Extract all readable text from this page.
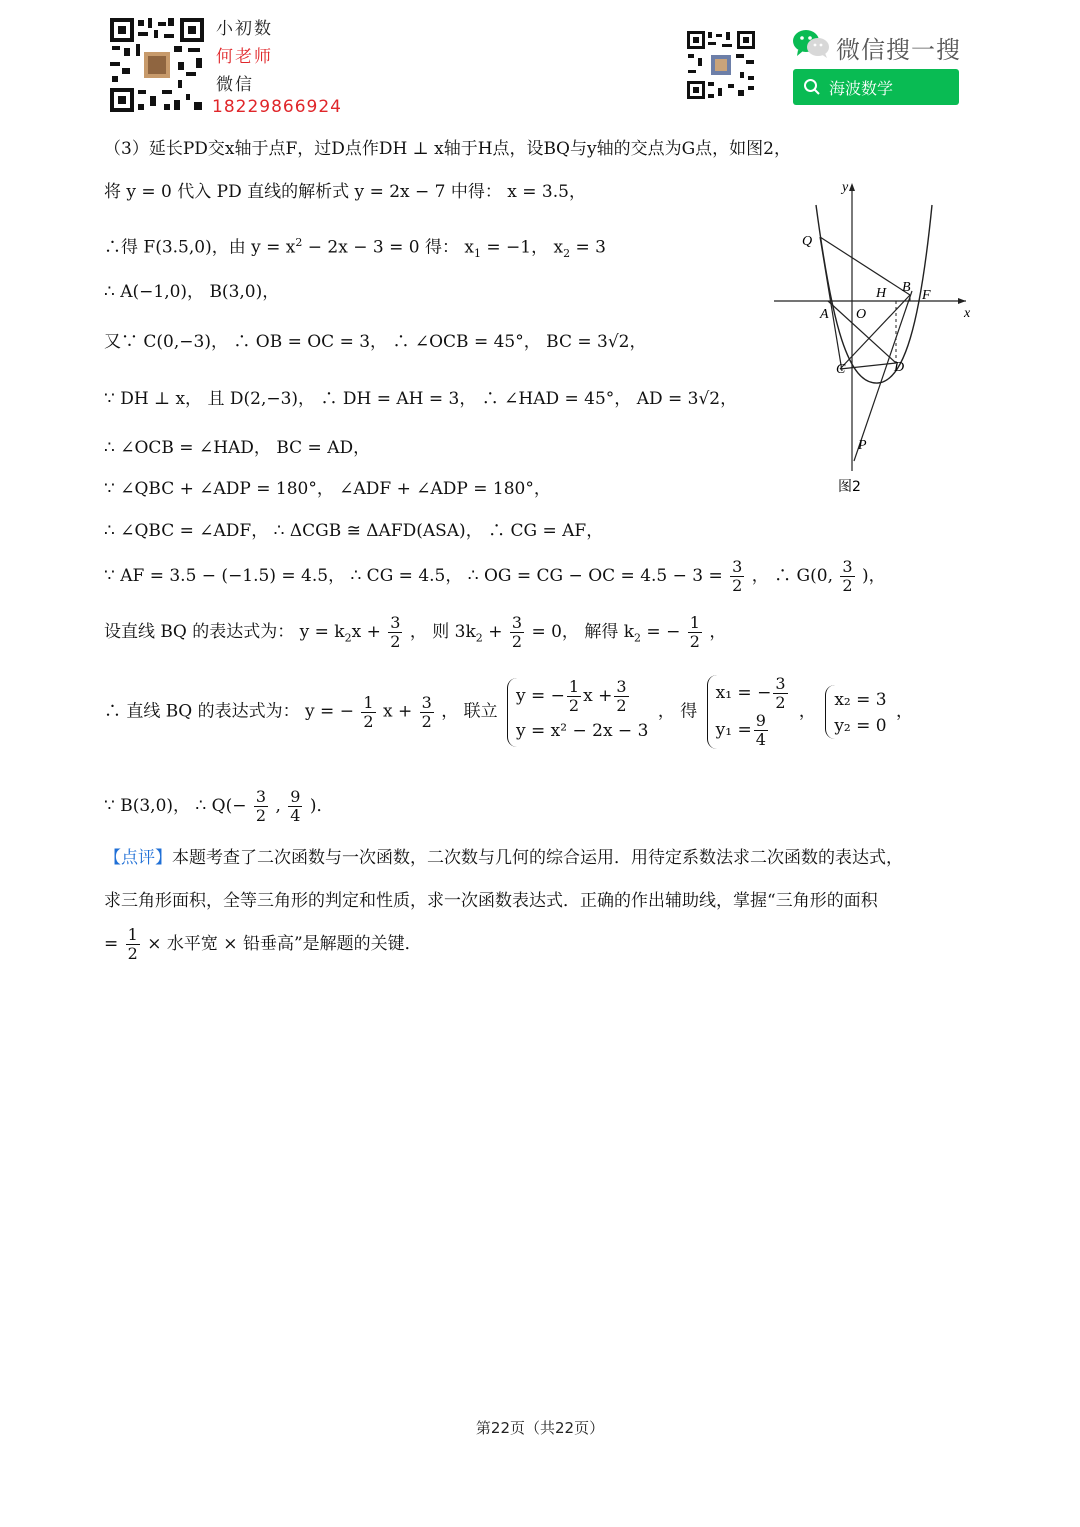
小初数
何老师
微信
18229866924
微信搜一搜
海波数学
y
x
Q
H B
F
A O
C	D
P
图2
（3）延长PD交x轴于点F，过D点作DH ⊥ x轴于H点，设BQ与y轴的交点为G点，如图2，
将 y = 0 代入 PD 直线的解析式 y = 2x − 7 中得： x = 3.5，
∴得 F(3.5,0)，由 $y = x^2 - 2x - 3 = 0$ 得： $x_1 = -1$， $x_2 = 3$
∴ A(−1,0)， B(3,0)，
又∵ C(0,−3)， ∴ OB = OC = 3， ∴ ∠OCB = 45°， BC = 3√2，
∵ DH ⊥ x， 且 D(2,−3)， ∴ DH = AH = 3， ∴ ∠HAD = 45°， AD = 3√2，
∴ ∠OCB = ∠HAD， BC = AD，
∵ ∠QBC + ∠ADP = 180°， ∠ADF + ∠ADP = 180°，
∴ ∠QBC = ∠ADF， ∴ ΔCGB ≅ ΔAFD(ASA)， ∴ CG = AF，
∵ AF = 3.5 − (−1.5) = 4.5， ∴ CG = 4.5， ∴ OG = CG − OC = $4.5 - 3 = \frac{3}{2}$ ， ∴ G(0, $\frac{3}{2}$ )，
设直线 BQ 的表达式为： $y = k_2x + \frac{3}{2}$ ， 则 $3k_2 + \frac{3}{2} = 0$， 解得 $k_2$ = − $\frac{1}{2}$ ，
∴ 直线 BQ 的表达式为： y = − $\frac{1}{2}$ $x + \frac{3}{2}$ ， 联立
y = − $\frac{1}{2}$ $x + \frac{3}{2}$
y = x² − 2x − 3
， 得
x₁ = − $\frac{3}{2}$
$y_1 = \frac{9}{4}$
，
x₂ = 3
y₂ = 0
，
∵ B(3,0)， ∴ $Q(- \frac{3}{2}$ , $\frac{9}{4}$ )．
【点评】本题考查了二次函数与一次函数，二次数与几何的综合运用．用待定系数法求二次函数的表达式，
求三角形面积，全等三角形的判定和性质，求一次函数表达式．正确的作出辅助线，掌握“三角形的面积
= $\frac{1}{2}$ × 水平宽 × 铅垂高”是解题的关键．
第22页（共22页）
